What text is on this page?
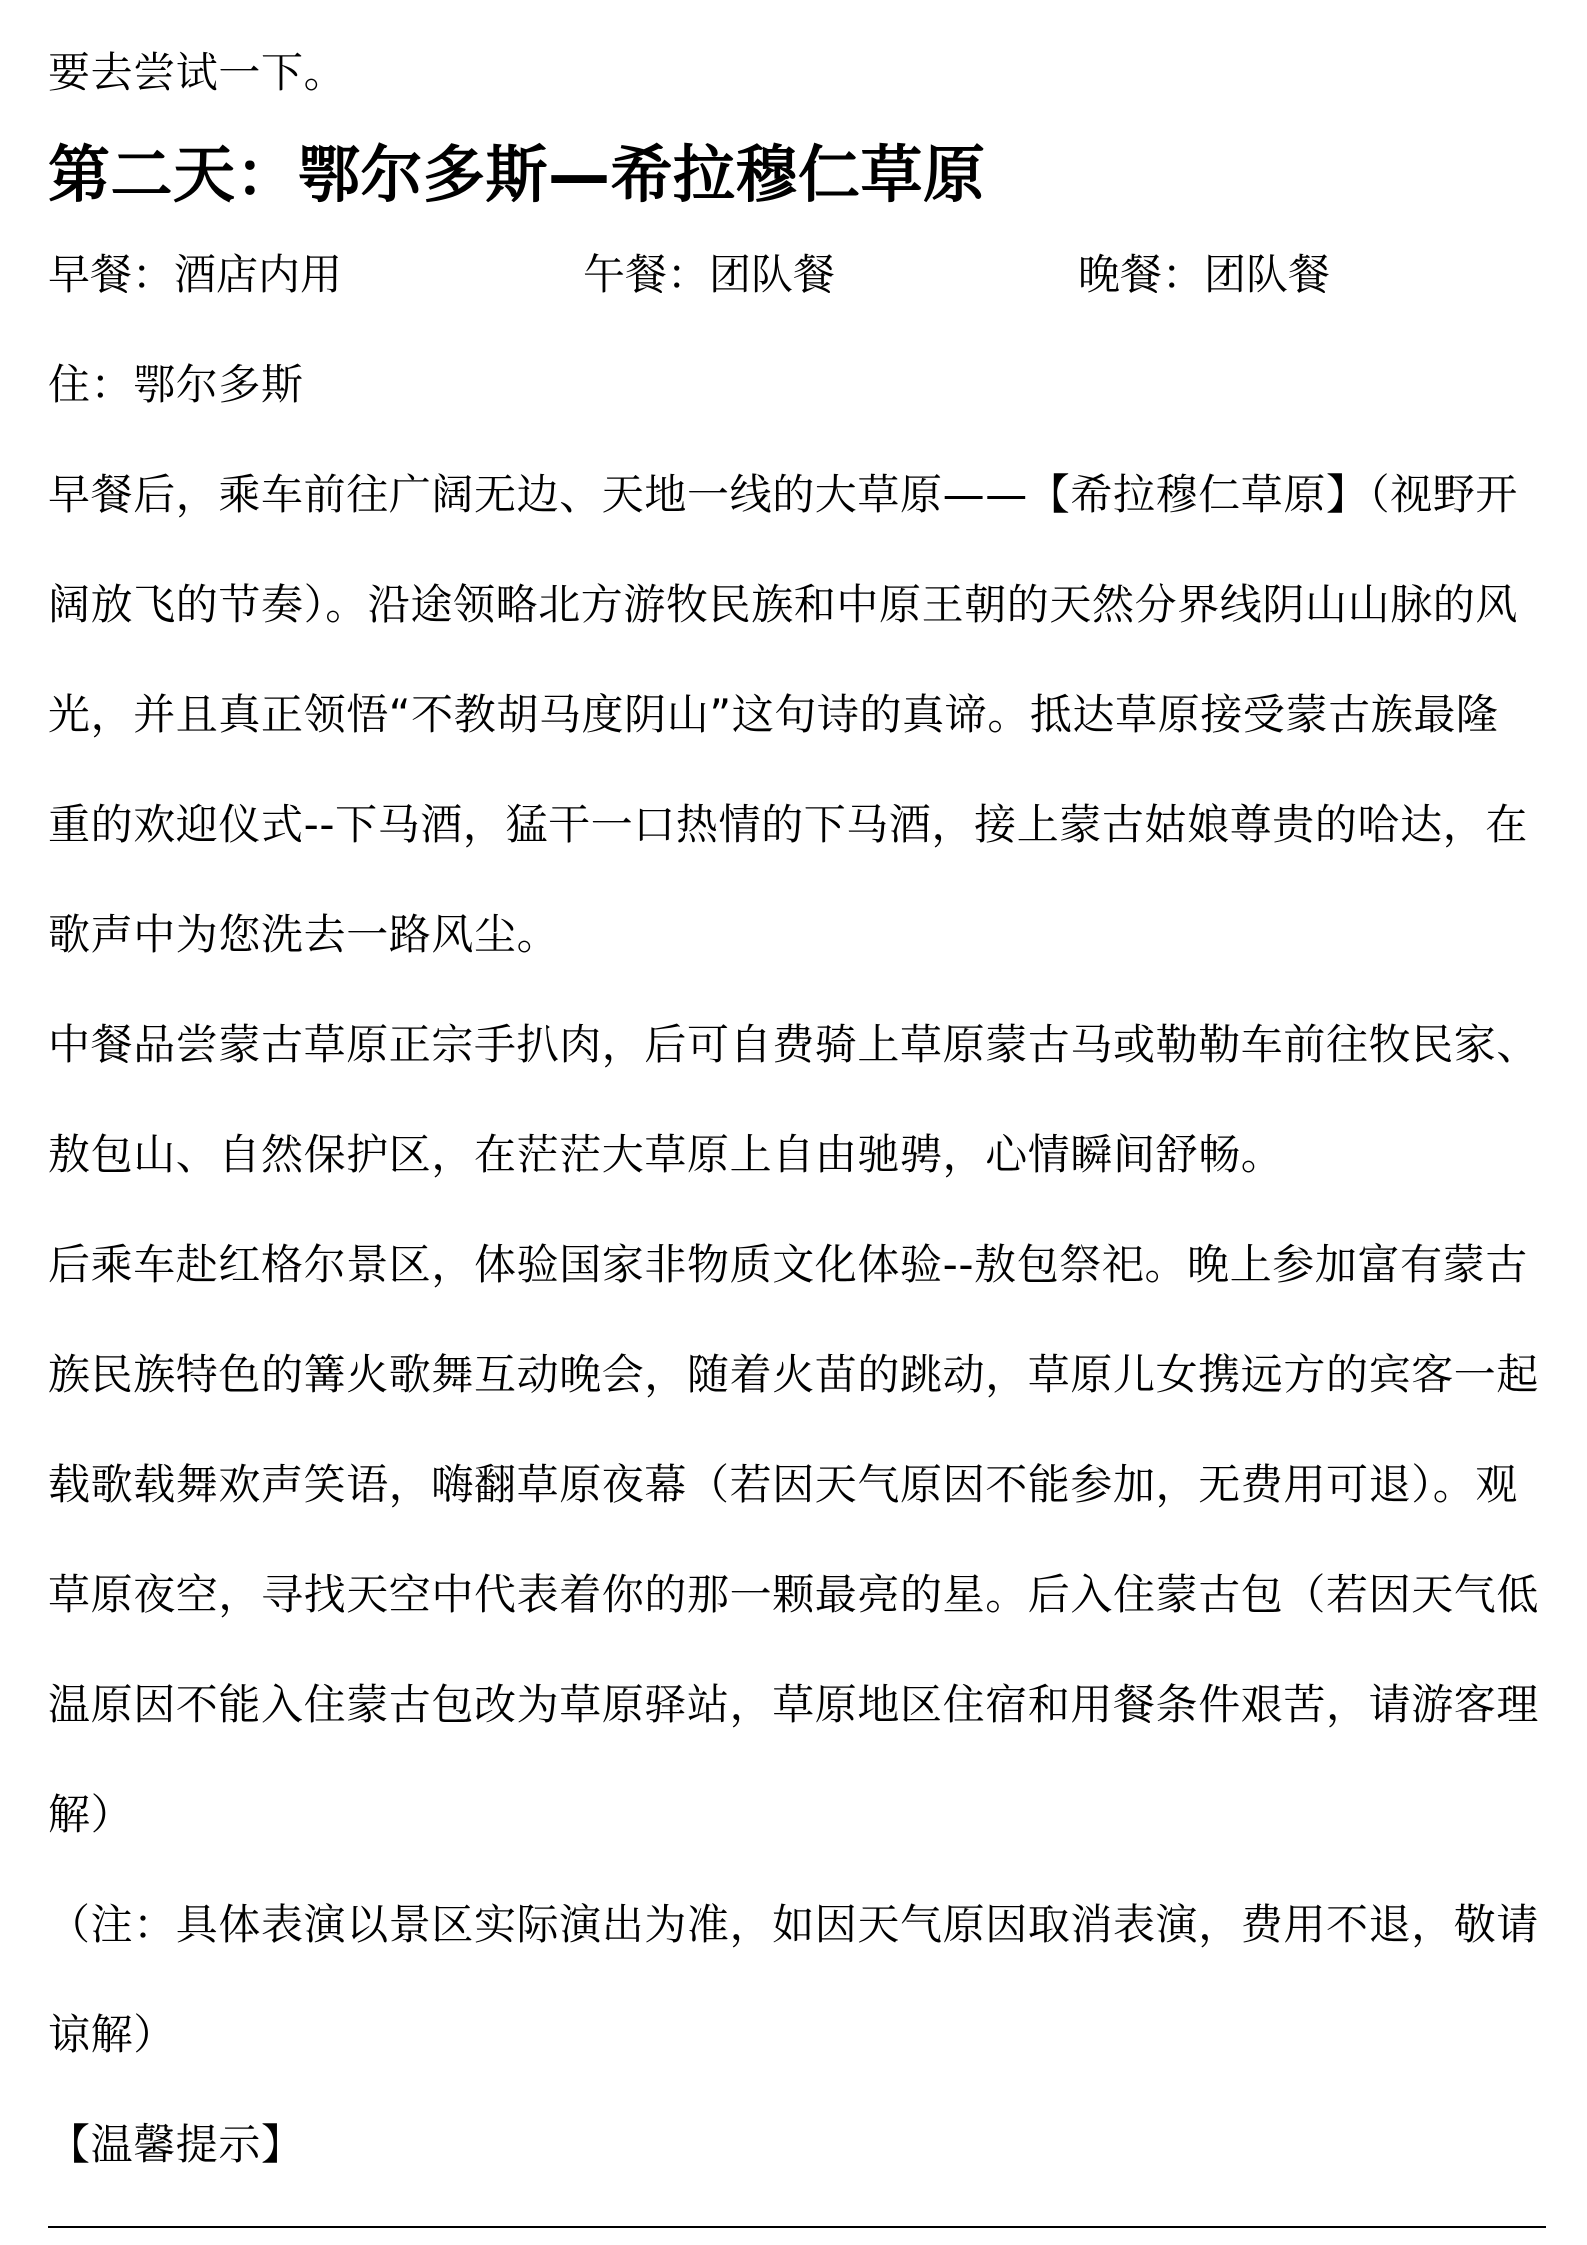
要去尝试一下。
第二天：鄂尔多斯—希拉穆仁草原
早餐：酒店内用	午餐：团队餐	晚餐：团队餐
住：鄂尔多斯
早餐后，乘车前往广阔无边、天地一线的大草原——【希拉穆仁草原】（视野开
阔放飞的节奏）。沿途领略北方游牧民族和中原王朝的天然分界线阴山山脉的风
光，并且真正领悟“不教胡马度阴山”这句诗的真谛。抵达草原接受蒙古族最隆
重的欢迎仪式--下马酒，猛干一口热情的下马酒，接上蒙古姑娘尊贵的哈达，在
歌声中为您洗去一路风尘。
中餐品尝蒙古草原正宗手扒肉，后可自费骑上草原蒙古马或勒勒车前往牧民家、
敖包山、自然保护区，在茫茫大草原上自由驰骋，心情瞬间舒畅。
后乘车赴红格尔景区，体验国家非物质文化体验--敖包祭祀。晚上参加富有蒙古
族民族特色的篝火歌舞互动晚会，随着火苗的跳动，草原儿女携远方的宾客一起
载歌载舞欢声笑语，嗨翻草原夜幕（若因天气原因不能参加，无费用可退）。观
草原夜空，寻找天空中代表着你的那一颗最亮的星。后入住蒙古包（若因天气低
温原因不能入住蒙古包改为草原驿站，草原地区住宿和用餐条件艰苦，请游客理
解）
（注：具体表演以景区实际演出为准，如因天气原因取消表演，费用不退，敬请
谅解）
【温馨提示】
